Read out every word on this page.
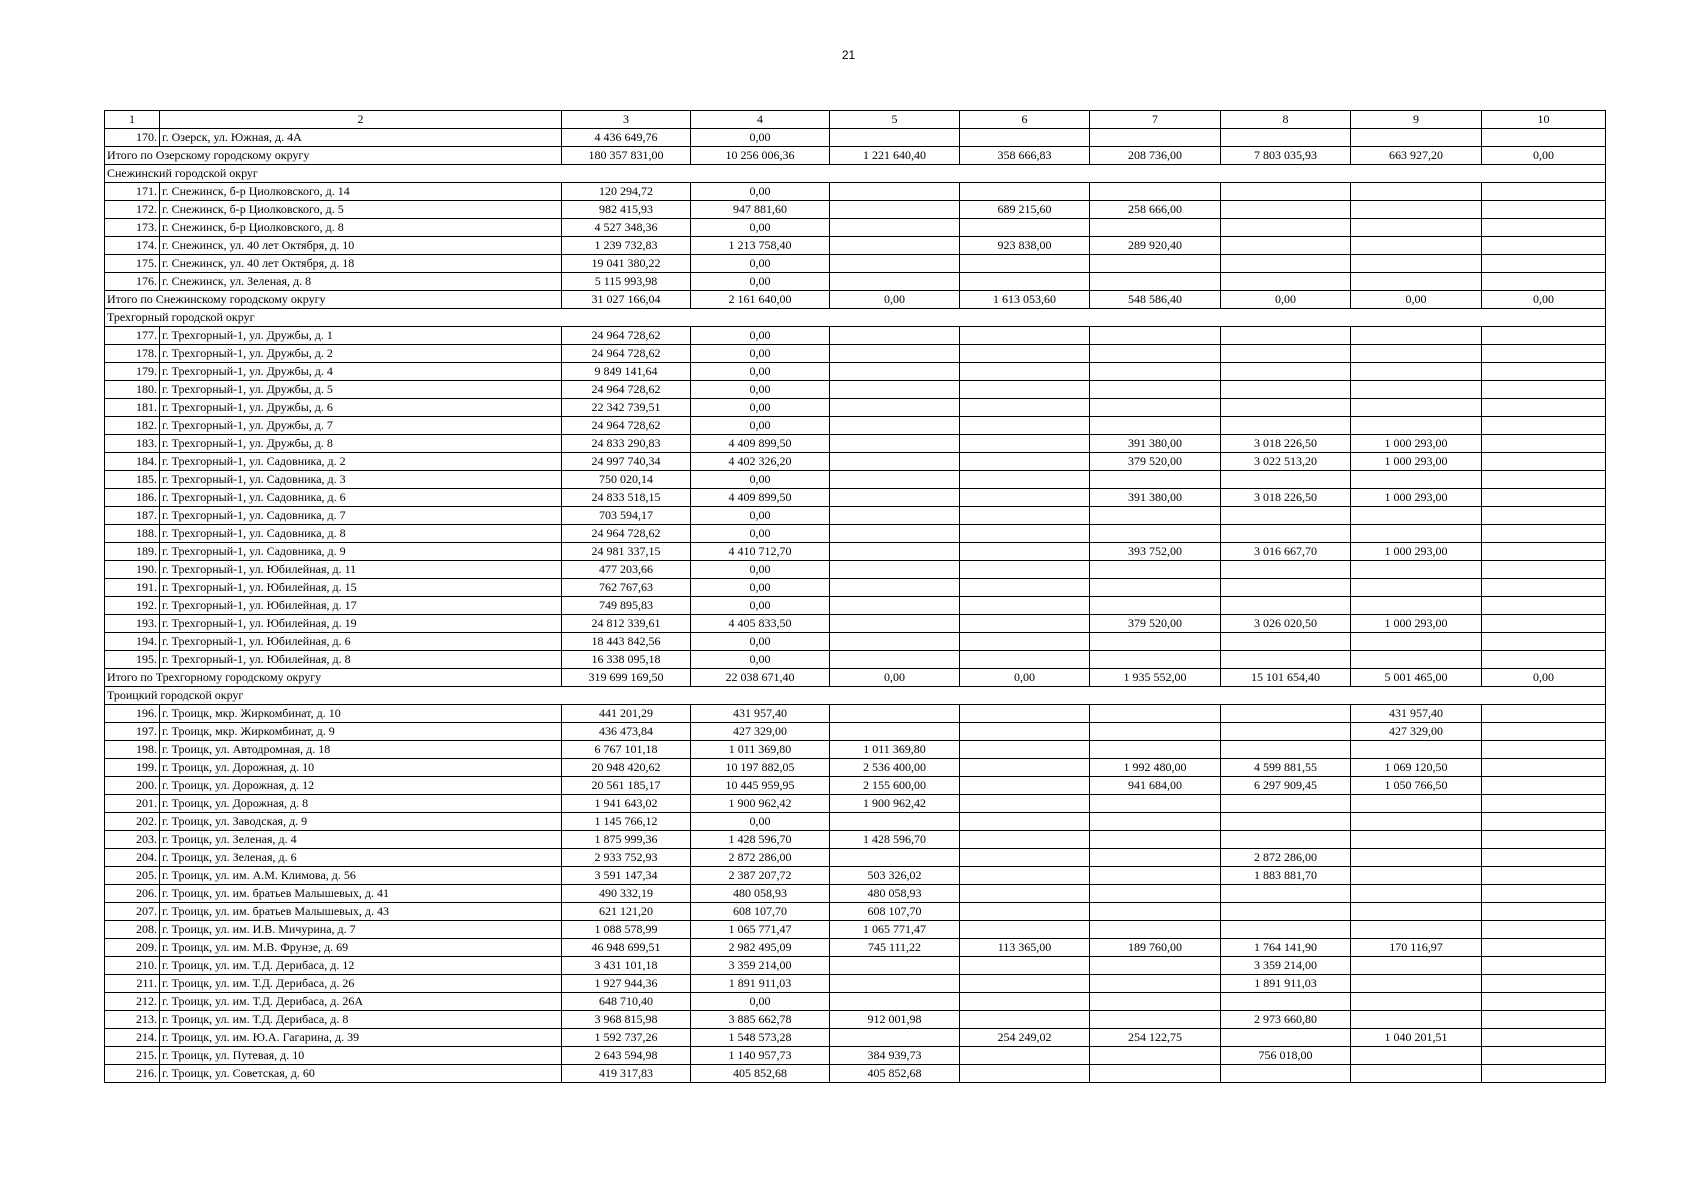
21
1	2	3	4	5	6	7	8	9	10
170.	г. Озерск, ул. Южная, д. 4А	4 436 649,76	0,00						
Итого по Озерскому городскому округу		180 357 831,00	10 256 006,36	1 221 640,40	358 666,83	208 736,00	7 803 035,93	663 927,20	0,00
Снежинский городской округ									
171.	г. Снежинск, б-р Циолковского, д. 14	120 294,72	0,00						
172.	г. Снежинск, б-р Циолковского, д. 5	982 415,93	947 881,60		689 215,60	258 666,00			
173.	г. Снежинск, б-р Циолковского, д. 8	4 527 348,36	0,00						
174.	г. Снежинск, ул. 40 лет Октября, д. 10	1 239 732,83	1 213 758,40		923 838,00	289 920,40			
175.	г. Снежинск, ул. 40 лет Октября, д. 18	19 041 380,22	0,00						
176.	г. Снежинск, ул. Зеленая, д. 8	5 115 993,98	0,00						
Итого по Снежинскому городскому округу		31 027 166,04	2 161 640,00	0,00	1 613 053,60	548 586,40	0,00	0,00	0,00
Трехгорный городской округ									
177.	г. Трехгорный-1, ул. Дружбы, д. 1	24 964 728,62	0,00						
178.	г. Трехгорный-1, ул. Дружбы, д. 2	24 964 728,62	0,00						
179.	г. Трехгорный-1, ул. Дружбы, д. 4	9 849 141,64	0,00						
180.	г. Трехгорный-1, ул. Дружбы, д. 5	24 964 728,62	0,00						
181.	г. Трехгорный-1, ул. Дружбы, д. 6	22 342 739,51	0,00						
182.	г. Трехгорный-1, ул. Дружбы, д. 7	24 964 728,62	0,00						
183.	г. Трехгорный-1, ул. Дружбы, д. 8	24 833 290,83	4 409 899,50			391 380,00	3 018 226,50	1 000 293,00	
184.	г. Трехгорный-1, ул. Садовника, д. 2	24 997 740,34	4 402 326,20			379 520,00	3 022 513,20	1 000 293,00	
185.	г. Трехгорный-1, ул. Садовника, д. 3	750 020,14	0,00						
186.	г. Трехгорный-1, ул. Садовника, д. 6	24 833 518,15	4 409 899,50			391 380,00	3 018 226,50	1 000 293,00	
187.	г. Трехгорный-1, ул. Садовника, д. 7	703 594,17	0,00						
188.	г. Трехгорный-1, ул. Садовника, д. 8	24 964 728,62	0,00						
189.	г. Трехгорный-1, ул. Садовника, д. 9	24 981 337,15	4 410 712,70			393 752,00	3 016 667,70	1 000 293,00	
190.	г. Трехгорный-1, ул. Юбилейная, д. 11	477 203,66	0,00						
191.	г. Трехгорный-1, ул. Юбилейная, д. 15	762 767,63	0,00						
192.	г. Трехгорный-1, ул. Юбилейная, д. 17	749 895,83	0,00						
193.	г. Трехгорный-1, ул. Юбилейная, д. 19	24 812 339,61	4 405 833,50			379 520,00	3 026 020,50	1 000 293,00	
194.	г. Трехгорный-1, ул. Юбилейная, д. 6	18 443 842,56	0,00						
195.	г. Трехгорный-1, ул. Юбилейная, д. 8	16 338 095,18	0,00						
Итого по Трехгорному городскому округу		319 699 169,50	22 038 671,40	0,00	0,00	1 935 552,00	15 101 654,40	5 001 465,00	0,00
Троицкий городской округ									
196.	г. Троицк, мкр. Жиркомбинат, д. 10	441 201,29	431 957,40					431 957,40	
197.	г. Троицк, мкр. Жиркомбинат, д. 9	436 473,84	427 329,00					427 329,00	
198.	г. Троицк, ул. Автодромная, д. 18	6 767 101,18	1 011 369,80	1 011 369,80					
199.	г. Троицк, ул. Дорожная, д. 10	20 948 420,62	10 197 882,05	2 536 400,00		1 992 480,00	4 599 881,55	1 069 120,50	
200.	г. Троицк, ул. Дорожная, д. 12	20 561 185,17	10 445 959,95	2 155 600,00		941 684,00	6 297 909,45	1 050 766,50	
201.	г. Троицк, ул. Дорожная, д. 8	1 941 643,02	1 900 962,42	1 900 962,42					
202.	г. Троицк, ул. Заводская, д. 9	1 145 766,12	0,00						
203.	г. Троицк, ул. Зеленая, д. 4	1 875 999,36	1 428 596,70	1 428 596,70					
204.	г. Троицк, ул. Зеленая, д. 6	2 933 752,93	2 872 286,00				2 872 286,00		
205.	г. Троицк, ул. им. А.М. Климова, д. 56	3 591 147,34	2 387 207,72	503 326,02			1 883 881,70		
206.	г. Троицк, ул. им. братьев Малышевых, д. 41	490 332,19	480 058,93	480 058,93					
207.	г. Троицк, ул. им. братьев Малышевых, д. 43	621 121,20	608 107,70	608 107,70					
208.	г. Троицк, ул. им. И.В. Мичурина, д. 7	1 088 578,99	1 065 771,47	1 065 771,47					
209.	г. Троицк, ул. им. М.В. Фрунзе, д. 69	46 948 699,51	2 982 495,09	745 111,22	113 365,00	189 760,00	1 764 141,90	170 116,97	
210.	г. Троицк, ул. им. Т.Д. Дерибаса, д. 12	3 431 101,18	3 359 214,00				3 359 214,00		
211.	г. Троицк, ул. им. Т.Д. Дерибаса, д. 26	1 927 944,36	1 891 911,03				1 891 911,03		
212.	г. Троицк, ул. им. Т.Д. Дерибаса, д. 26А	648 710,40	0,00						
213.	г. Троицк, ул. им. Т.Д. Дерибаса, д. 8	3 968 815,98	3 885 662,78	912 001,98			2 973 660,80		
214.	г. Троицк, ул. им. Ю.А. Гагарина, д. 39	1 592 737,26	1 548 573,28		254 249,02	254 122,75		1 040 201,51	
215.	г. Троицк, ул. Путевая, д. 10	2 643 594,98	1 140 957,73	384 939,73			756 018,00		
216.	г. Троицк, ул. Советская, д. 60	419 317,83	405 852,68	405 852,68					
